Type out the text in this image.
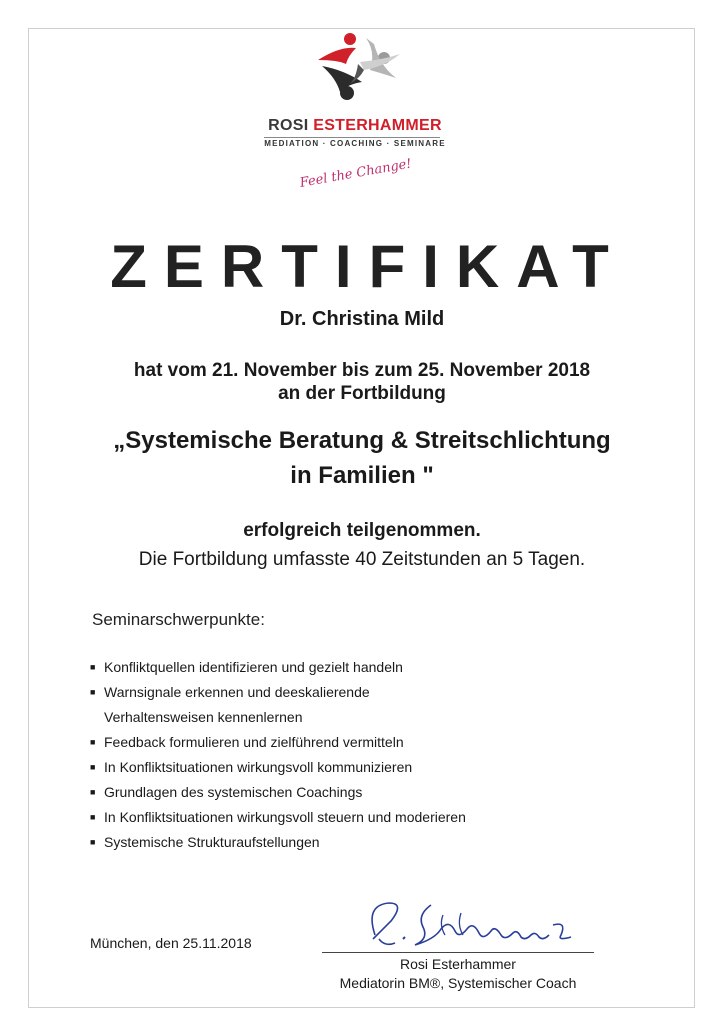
ROSI ESTERHAMMER
MEDIATION · COACHING · SEMINARE
Feel the Change!
ZERTIFIKAT
Dr. Christina Mild
hat vom 21. November bis zum 25. November 2018
an der Fortbildung
„Systemische Beratung & Streitschlichtung
in Familien "
erfolgreich teilgenommen.
Die Fortbildung umfasste 40 Zeitstunden an 5 Tagen.
Seminarschwerpunkte:
■ Konfliktquellen identifizieren und gezielt handeln
■ Warnsignale erkennen und deeskalierende
Verhaltensweisen kennenlernen
■ Feedback formulieren und zielführend vermitteln
■ In Konfliktsituationen wirkungsvoll kommunizieren
■ Grundlagen des systemischen Coachings
■ In Konfliktsituationen wirkungsvoll steuern und moderieren
■ Systemische Strukturaufstellungen
München, den 25.11.2018
Rosi Esterhammer
Mediatorin BM®, Systemischer Coach
